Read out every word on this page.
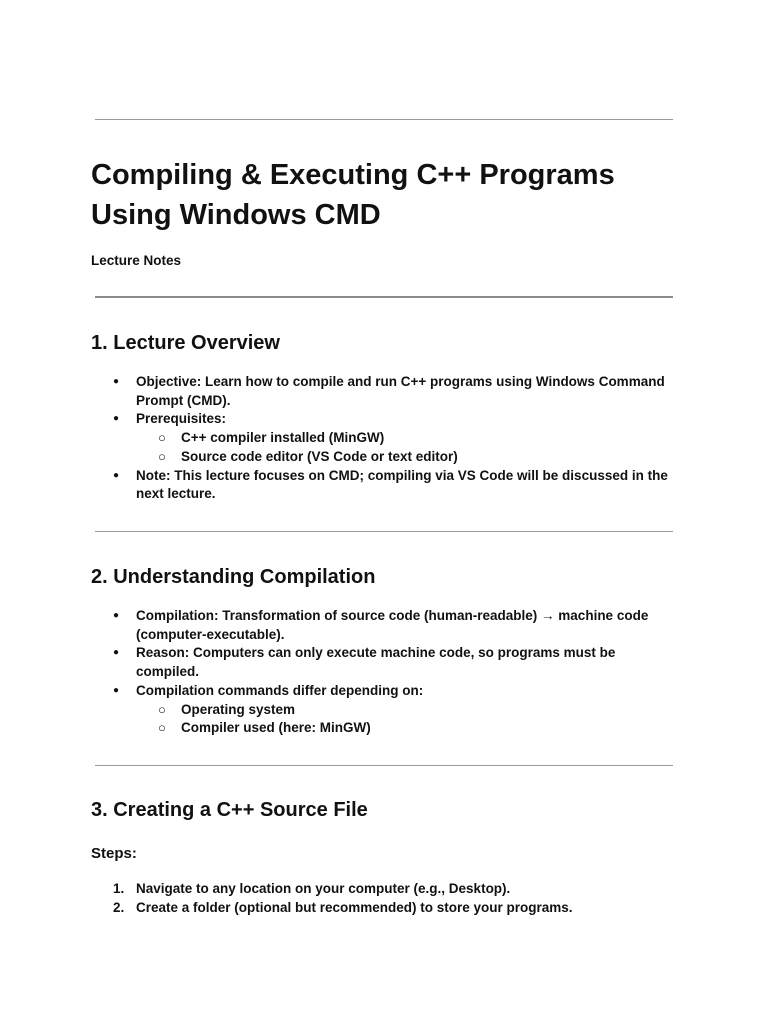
Compiling & Executing C++ Programs Using Windows CMD

Lecture Notes

1. Lecture Overview
● Objective: Learn how to compile and run C++ programs using Windows Command Prompt (CMD).
● Prerequisites:
○ C++ compiler installed (MinGW)
○ Source code editor (VS Code or text editor)
● Note: This lecture focuses on CMD; compiling via VS Code will be discussed in the next lecture.
2. Understanding Compilation
● Compilation: Transformation of source code (human-readable) → machine code (computer-executable).
● Reason: Computers can only execute machine code, so programs must be compiled.
● Compilation commands differ depending on:
○ Operating system
○ Compiler used (here: MinGW)
3. Creating a C++ Source File
Steps:
1. Navigate to any location on your computer (e.g., Desktop).
2. Create a folder (optional but recommended) to store your programs.
